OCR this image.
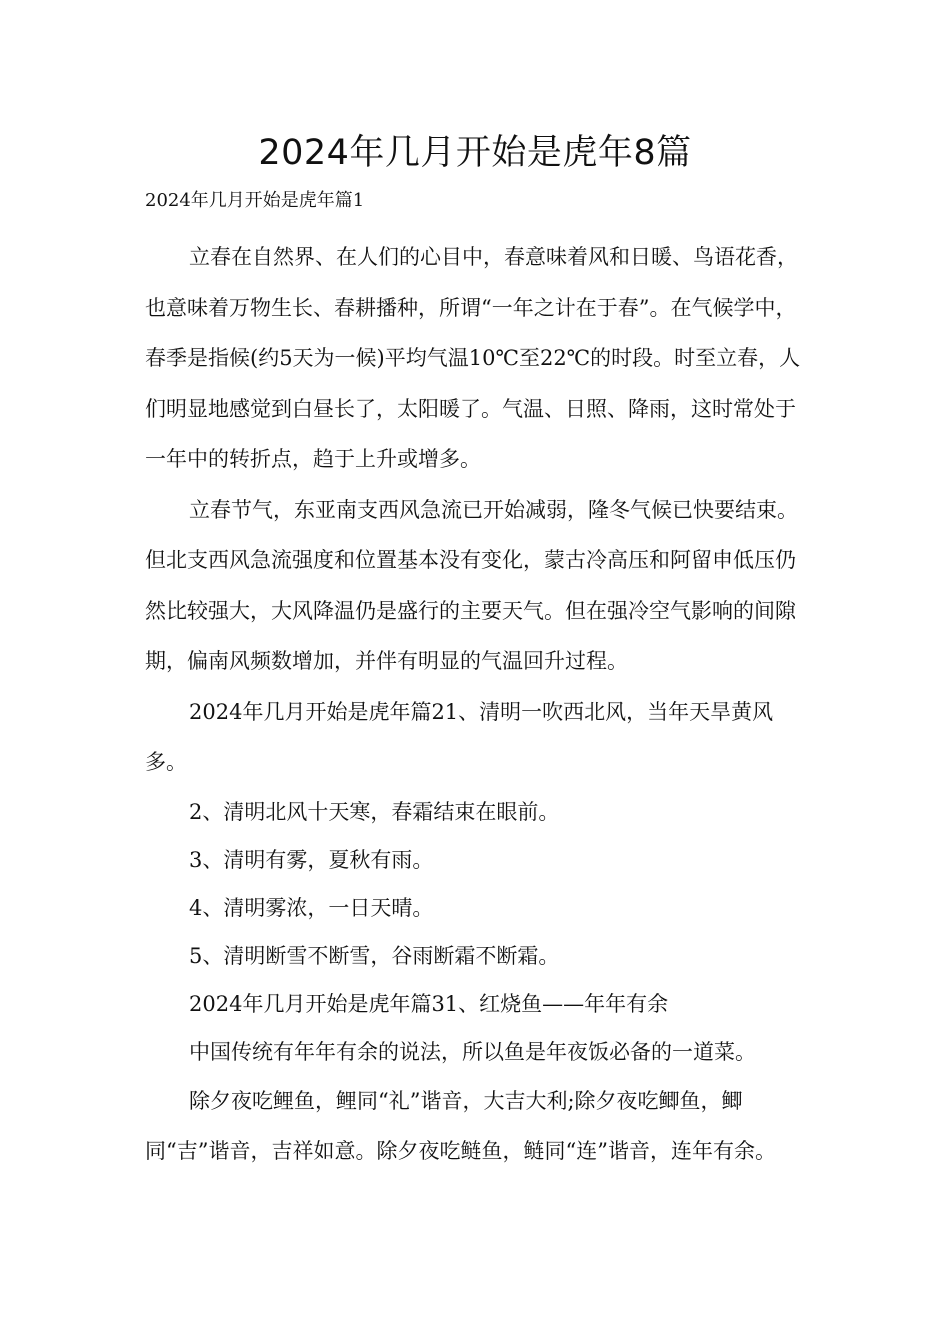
2024年几月开始是虎年8篇
2024年几月开始是虎年篇1

立春在自然界、在人们的心目中，春意味着风和日暖、鸟语花香，也意味着万物生长、春耕播种，所谓“一年之计在于春”。在气候学中，春季是指候(约5天为一候)平均气温10℃至22℃的时段。时至立春，人们明显地感觉到白昼长了，太阳暖了。气温、日照、降雨，这时常处于一年中的转折点，趋于上升或增多。

立春节气，东亚南支西风急流已开始减弱，隆冬气候已快要结束。但北支西风急流强度和位置基本没有变化，蒙古冷高压和阿留申低压仍然比较强大，大风降温仍是盛行的主要天气。但在强冷空气影响的间隙期，偏南风频数增加，并伴有明显的气温回升过程。

2024年几月开始是虎年篇21、清明一吹西北风，当年天旱黄风多。

2、清明北风十天寒，春霜结束在眼前。

3、清明有雾，夏秋有雨。

4、清明雾浓，一日天晴。

5、清明断雪不断雪，谷雨断霜不断霜。

2024年几月开始是虎年篇31、红烧鱼——年年有余

中国传统有年年有余的说法，所以鱼是年夜饭必备的一道菜。

除夕夜吃鲤鱼，鲤同“礼”谐音，大吉大利;除夕夜吃鲫鱼，鲫同“吉”谐音，吉祥如意。除夕夜吃鲢鱼，鲢同“连”谐音，连年有余。
